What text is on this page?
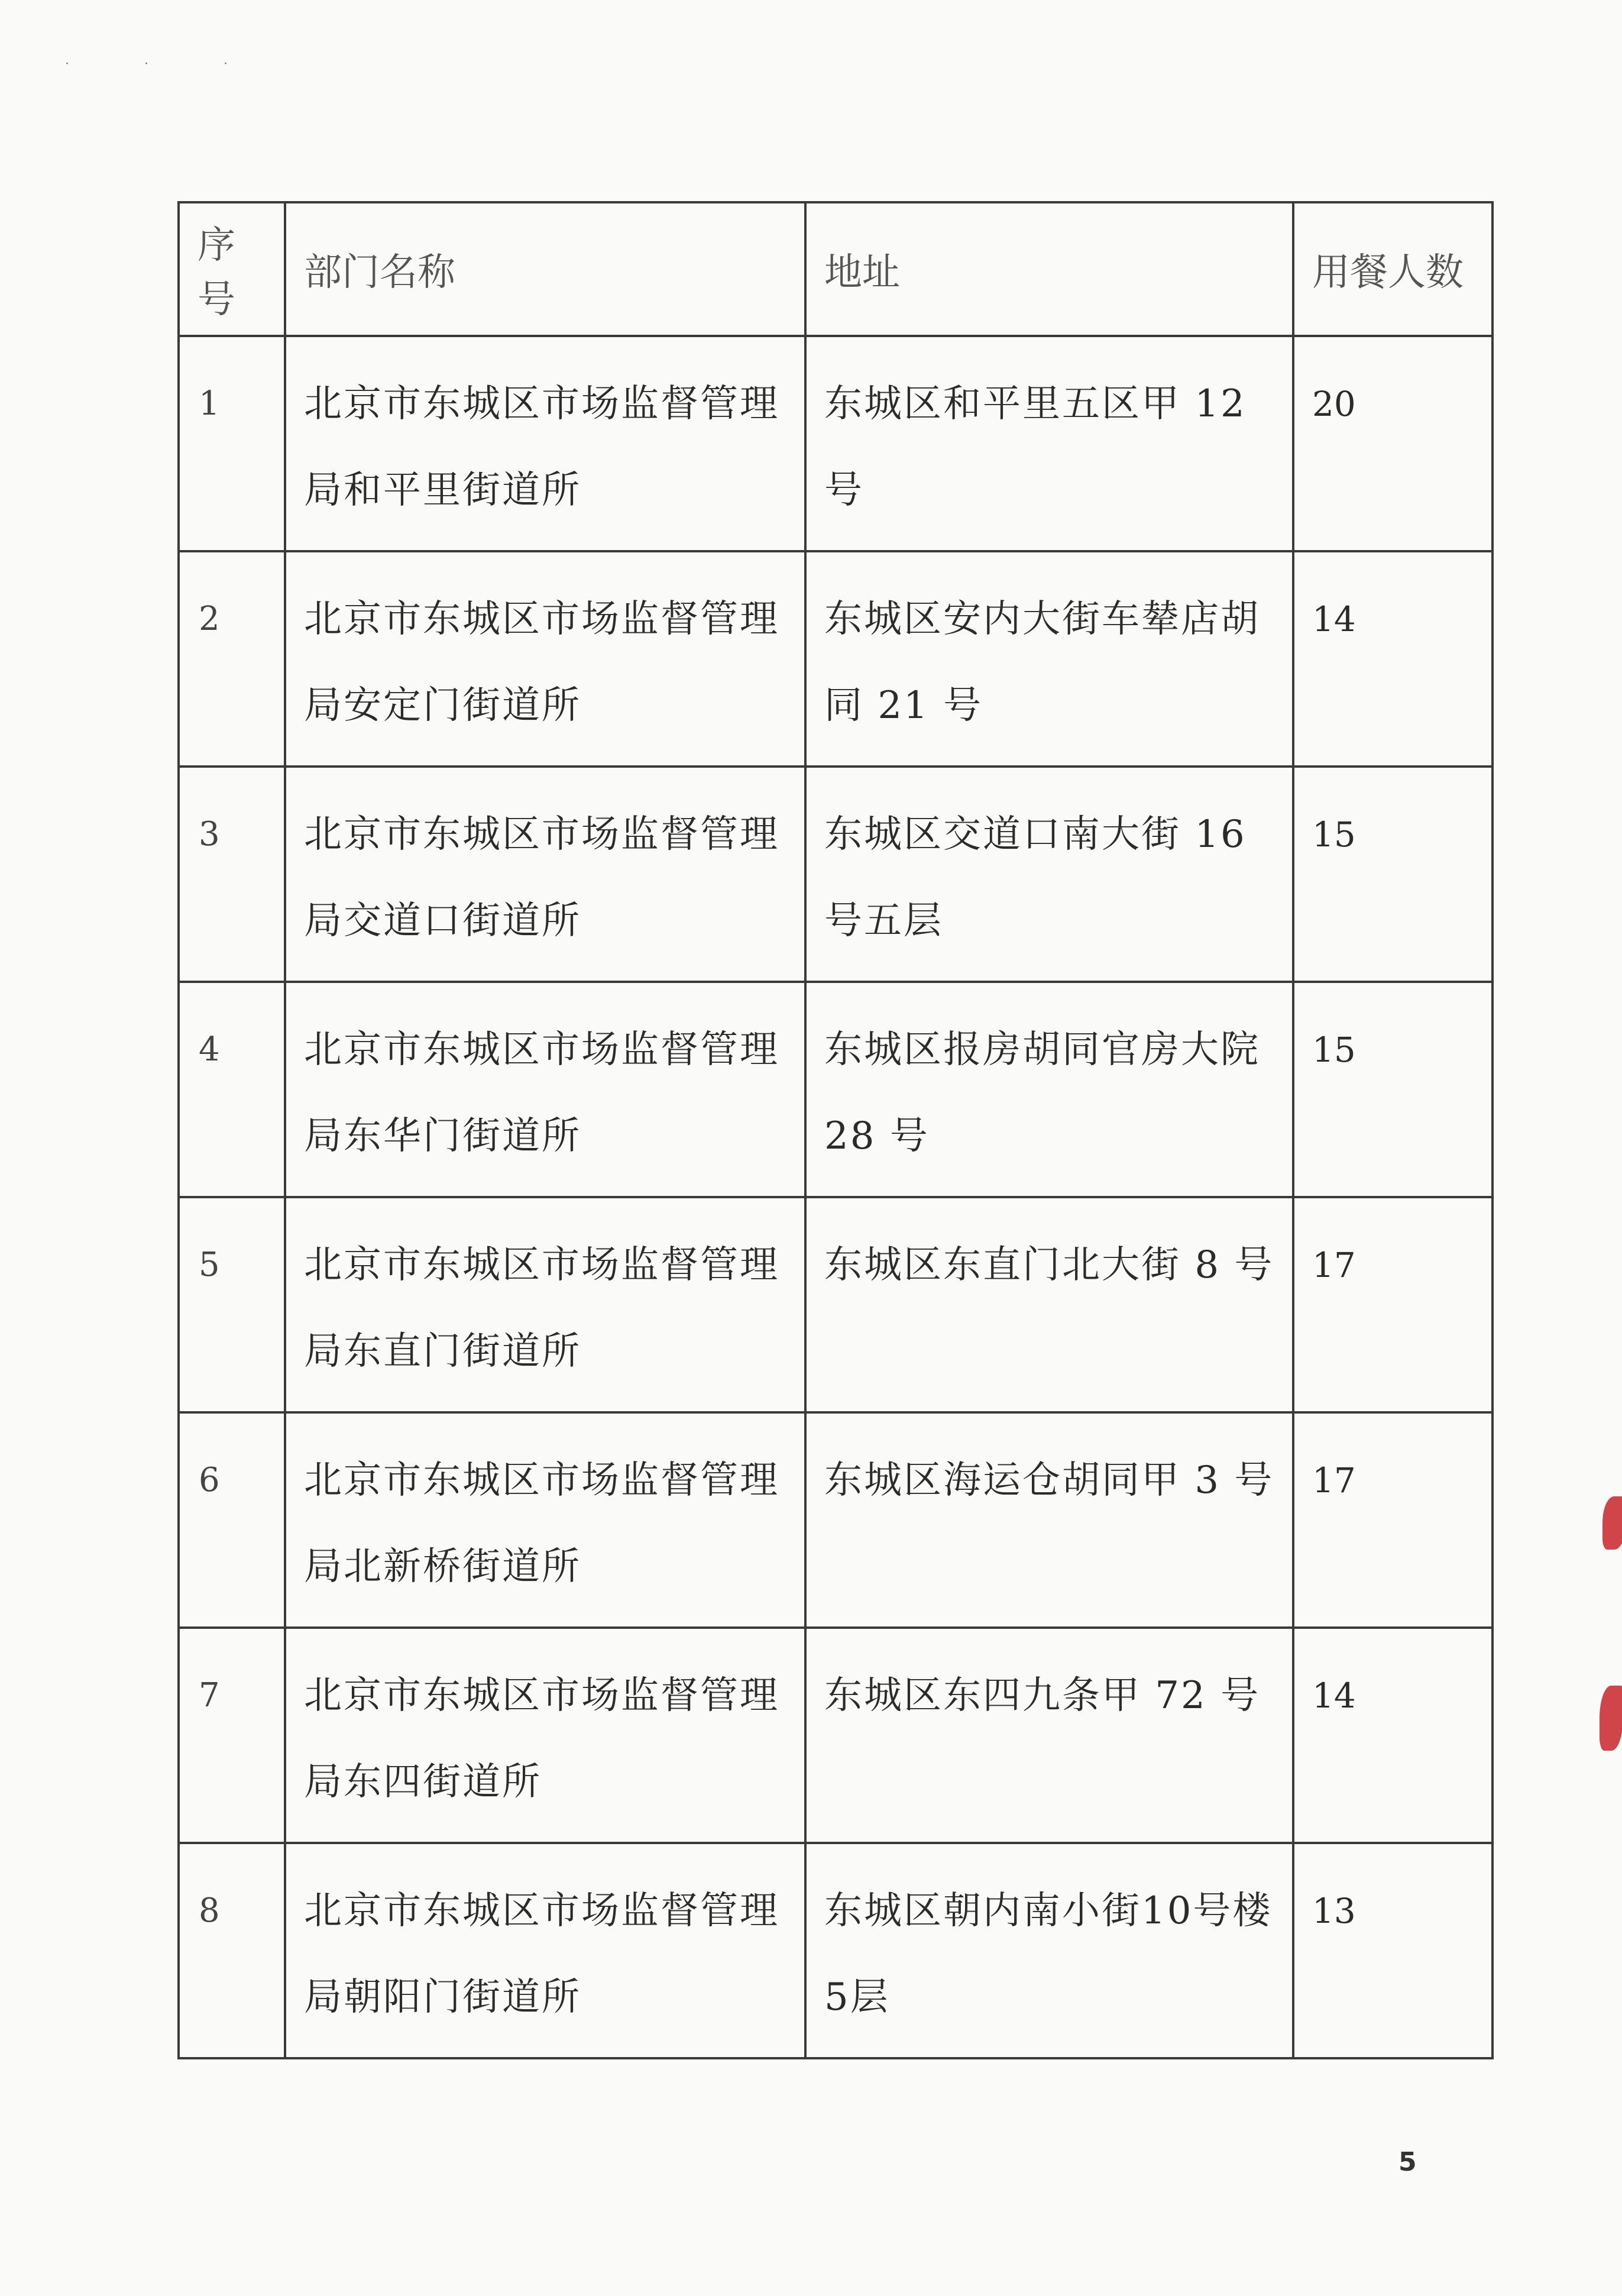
· · ·
序号	部门名称	地址	用餐人数
1	北京市东城区市场监督管理局和平里街道所	东城区和平里五区甲 12 号	20
2	北京市东城区市场监督管理局安定门街道所	东城区安内大街车辇店胡同 21 号	14
3	北京市东城区市场监督管理局交道口街道所	东城区交道口南大街 16 号五层	15
4	北京市东城区市场监督管理局东华门街道所	东城区报房胡同官房大院28 号	15
5	北京市东城区市场监督管理局东直门街道所	东城区东直门北大街 8 号	17
6	北京市东城区市场监督管理局北新桥街道所	东城区海运仓胡同甲 3 号	17
7	北京市东城区市场监督管理局东四街道所	东城区东四九条甲 72 号	14
8	北京市东城区市场监督管理局朝阳门街道所	东城区朝内南小街10号楼5层	13
5
